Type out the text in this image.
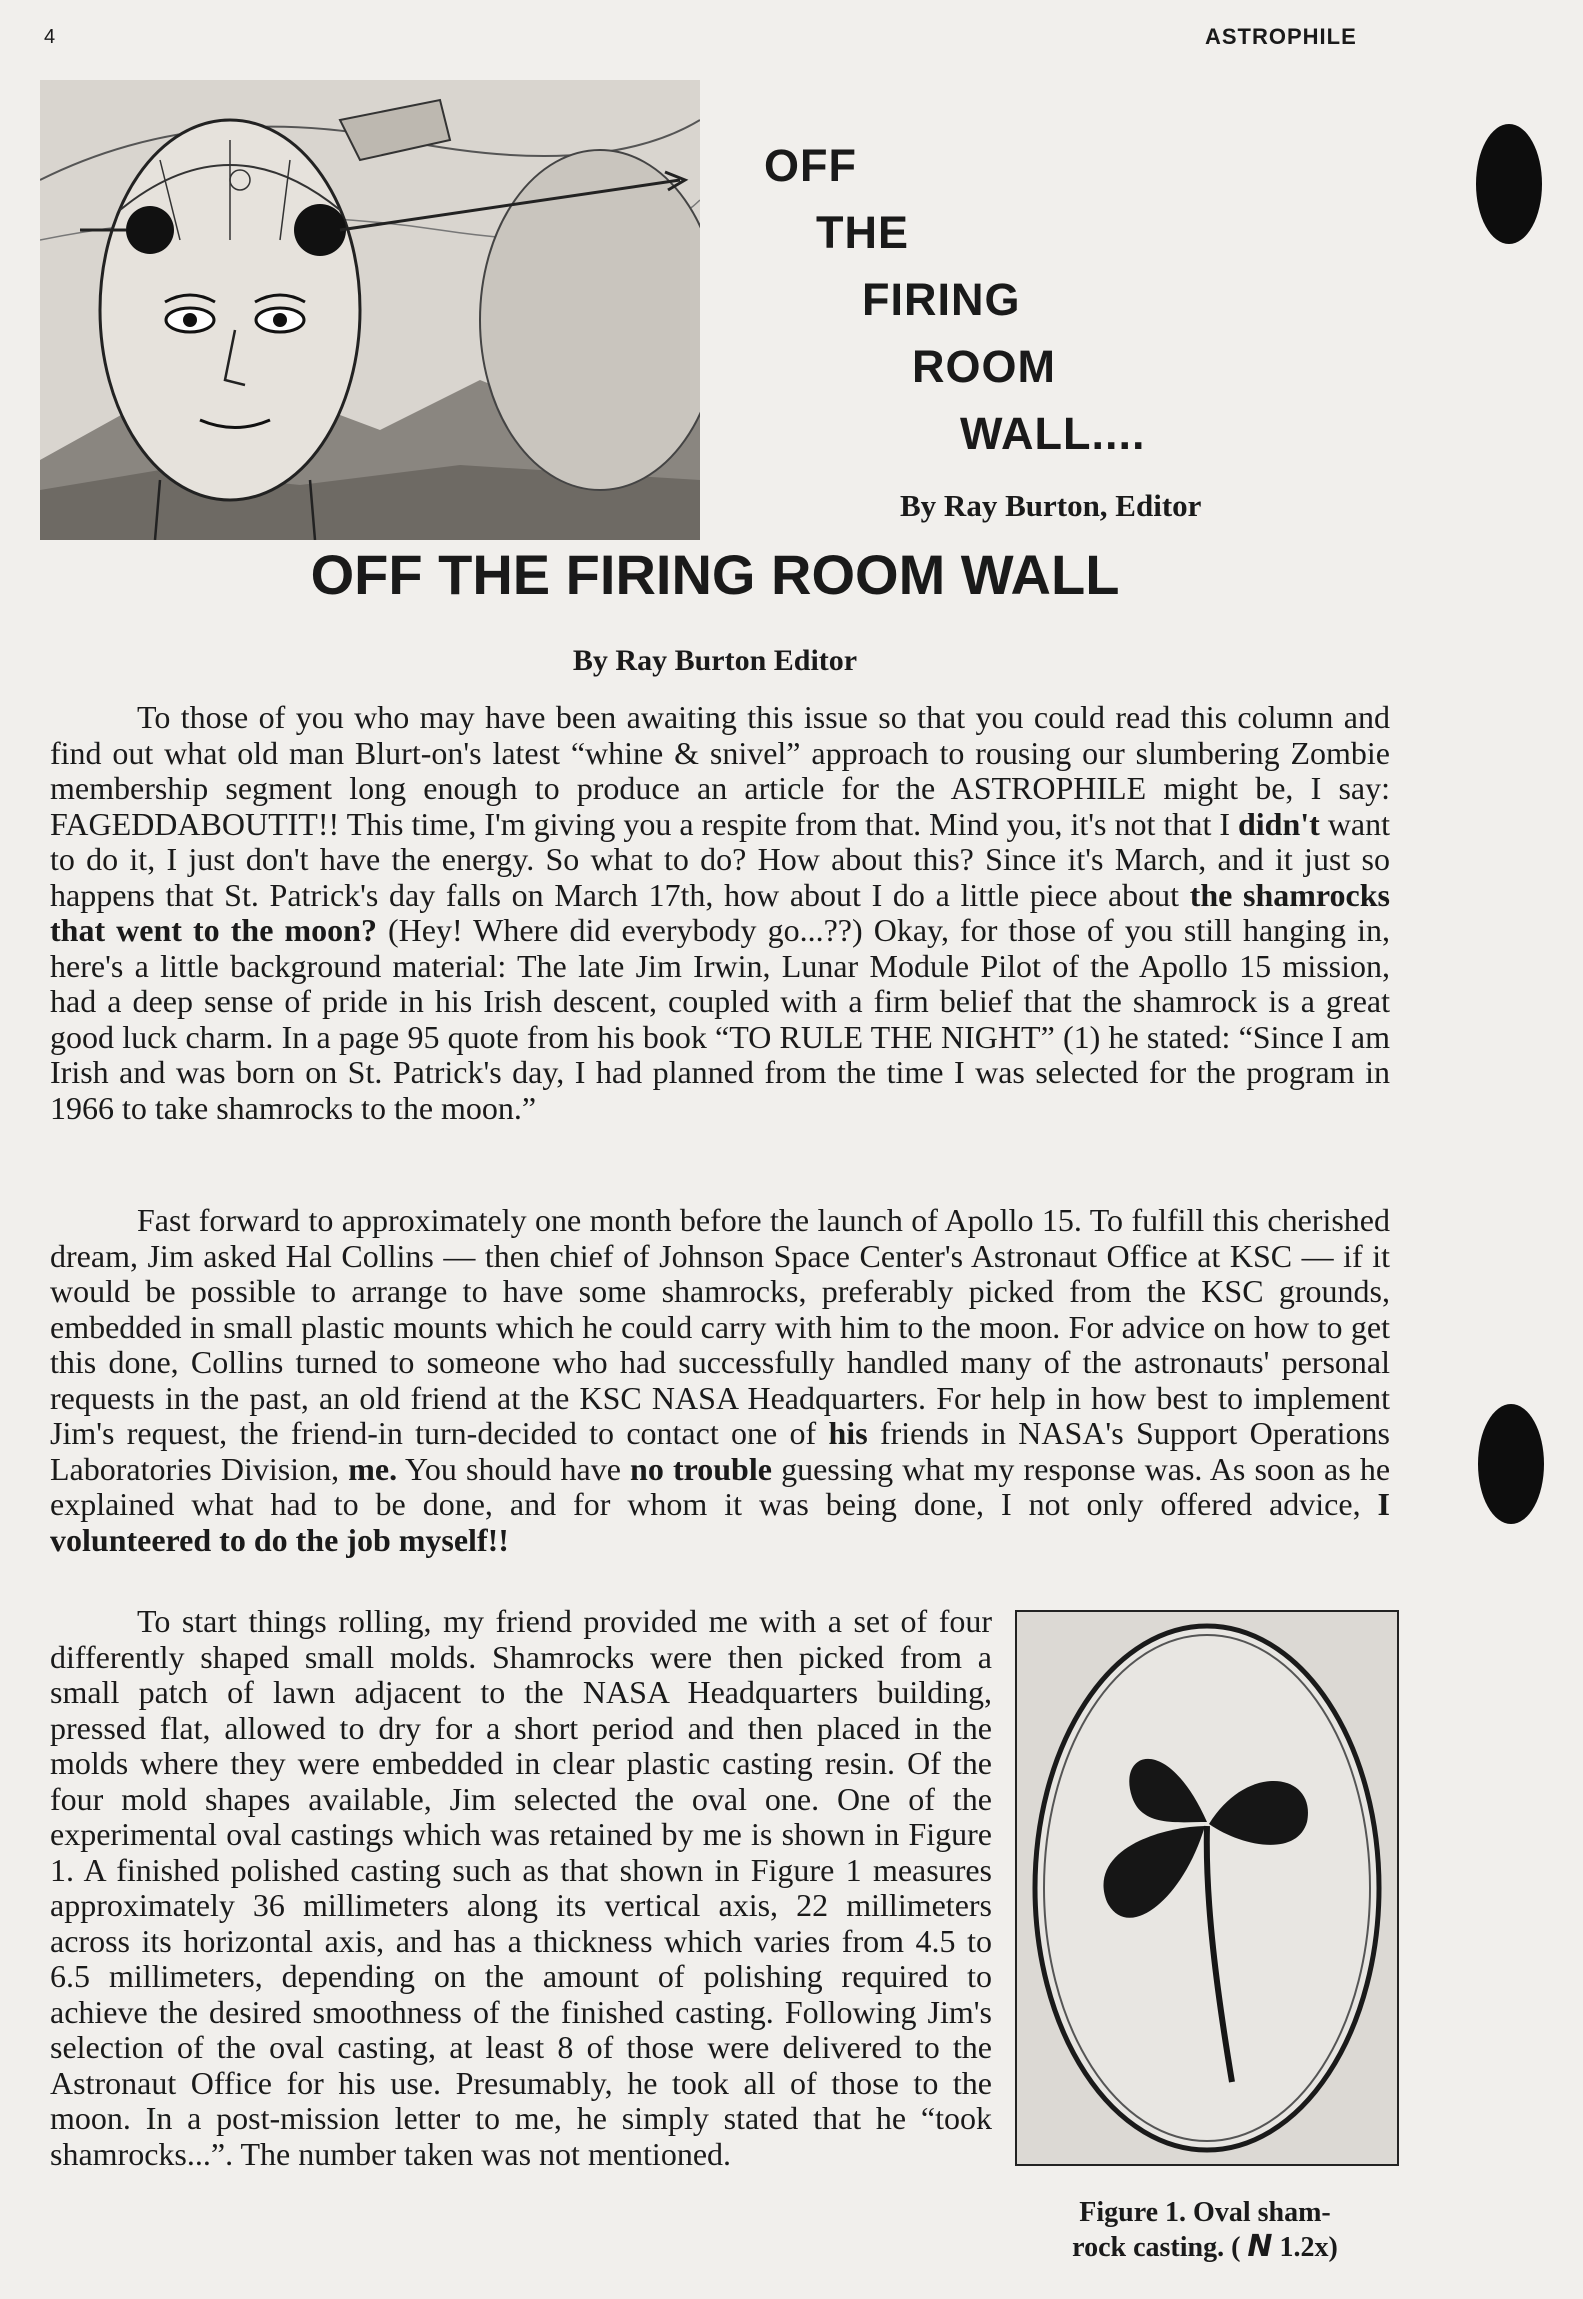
4	ASTROPHILE
OFF
THE
FIRING
ROOM
WALL....
By Ray Burton, Editor
OFF THE FIRING ROOM WALL
By Ray Burton Editor

To those of you who may have been awaiting this issue so that you could read this column and find out what old man Blurt-on's latest “whine & snivel” approach to rousing our slumbering Zombie membership segment long enough to produce an article for the ASTROPHILE might be, I say: FAGEDDABOUTIT!! This time, I'm giving you a respite from that. Mind you, it's not that I didn't want to do it, I just don't have the energy. So what to do? How about this? Since it's March, and it just so happens that St. Patrick's day falls on March 17th, how about I do a little piece about the shamrocks that went to the moon? (Hey! Where did everybody go...??) Okay, for those of you still hanging in, here's a little background material: The late Jim Irwin, Lunar Module Pilot of the Apollo 15 mission, had a deep sense of pride in his Irish descent, coupled with a firm belief that the shamrock is a great good luck charm. In a page 95 quote from his book “TO RULE THE NIGHT” (1) he stated: “Since I am Irish and was born on St. Patrick's day, I had planned from the time I was selected for the program in 1966 to take shamrocks to the moon.”

Fast forward to approximately one month before the launch of Apollo 15. To fulfill this cherished dream, Jim asked Hal Collins — then chief of Johnson Space Center's Astronaut Office at KSC — if it would be possible to arrange to have some shamrocks, preferably picked from the KSC grounds, embedded in small plastic mounts which he could carry with him to the moon. For advice on how to get this done, Collins turned to someone who had successfully handled many of the astronauts' personal requests in the past, an old friend at the KSC NASA Headquarters. For help in how best to implement Jim's request, the friend-in turn-decided to contact one of his friends in NASA's Support Operations Laboratories Division, me. You should have no trouble guessing what my response was. As soon as he explained what had to be done, and for whom it was being done, I not only offered advice, I volunteered to do the job myself!!

To start things rolling, my friend provided me with a set of four differently shaped small molds. Shamrocks were then picked from a small patch of lawn adjacent to the NASA Headquarters building, pressed flat, allowed to dry for a short period and then placed in the molds where they were embedded in clear plastic casting resin. Of the four mold shapes available, Jim selected the oval one. One of the experimental oval castings which was retained by me is shown in Figure 1. A finished polished casting such as that shown in Figure 1 measures approximately 36 millimeters along its vertical axis, 22 millimeters across its horizontal axis, and has a thickness which varies from 4.5 to 6.5 millimeters, depending on the amount of polishing required to achieve the desired smoothness of the finished casting. Following Jim's selection of the oval casting, at least 8 of those were delivered to the Astronaut Office for his use. Presumably, he took all of those to the moon. In a post-mission letter to me, he simply stated that he “took shamrocks...”. The number taken was not mentioned.

Figure 1. Oval sham-
rock casting. ( N 1.2x)
